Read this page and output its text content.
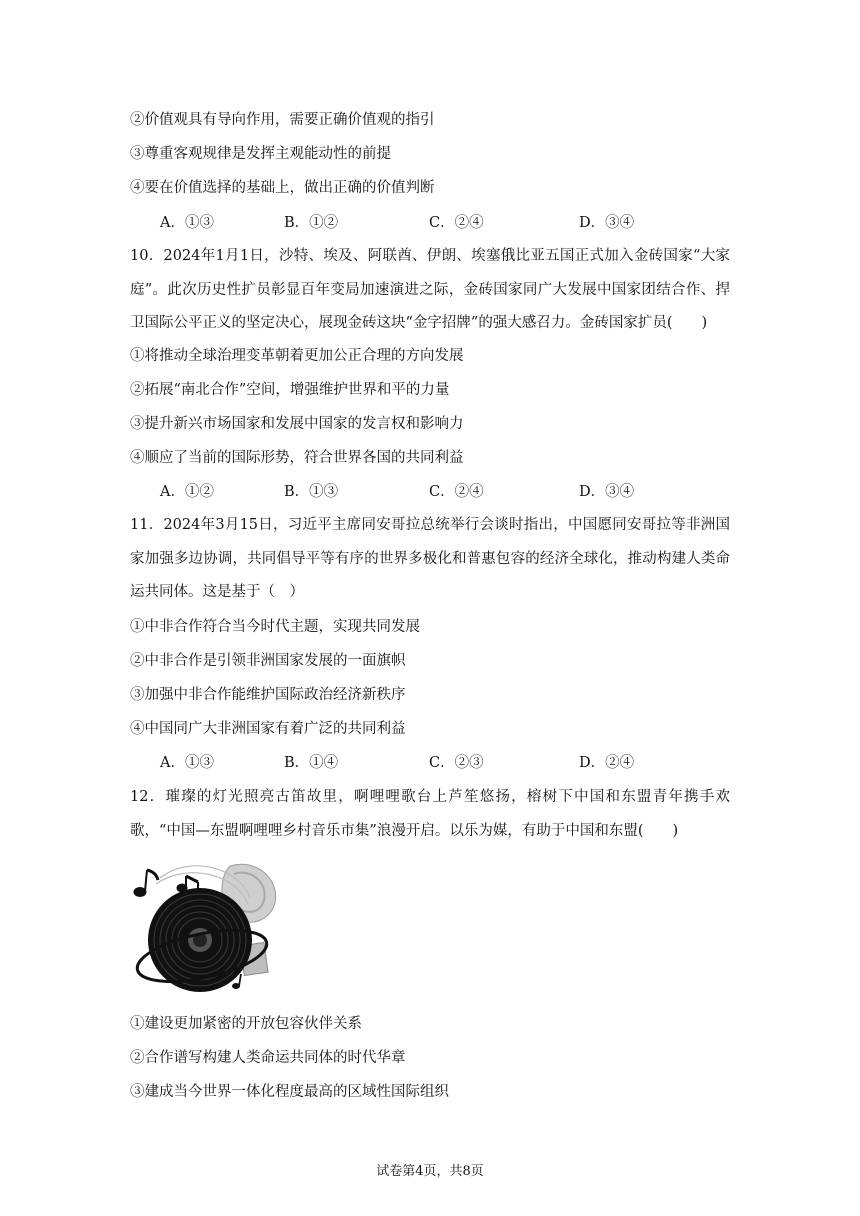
②价值观具有导向作用，需要正确价值观的指引
③尊重客观规律是发挥主观能动性的前提
④要在价值选择的基础上，做出正确的价值判断
A．①③	B．①②	C．②④	D．③④
10．2024年1月1日，沙特、埃及、阿联酋、伊朗、埃塞俄比亚五国正式加入金砖国家“大家庭”。此次历史性扩员彰显百年变局加速演进之际，金砖国家同广大发展中国家团结合作、捍卫国际公平正义的坚定决心，展现金砖这块“金字招牌”的强大感召力。金砖国家扩员(　　)
①将推动全球治理变革朝着更加公正合理的方向发展
②拓展“南北合作”空间，增强维护世界和平的力量
③提升新兴市场国家和发展中国家的发言权和影响力
④顺应了当前的国际形势，符合世界各国的共同利益
A．①②	B．①③	C．②④	D．③④
11．2024年3月15日，习近平主席同安哥拉总统举行会谈时指出，中国愿同安哥拉等非洲国家加强多边协调，共同倡导平等有序的世界多极化和普惠包容的经济全球化，推动构建人类命运共同体。这是基于（　）
①中非合作符合当今时代主题，实现共同发展
②中非合作是引领非洲国家发展的一面旗帜
③加强中非合作能维护国际政治经济新秩序
④中国同广大非洲国家有着广泛的共同利益
A．①③	B．①④	C．②③	D．②④
12．璀璨的灯光照亮古笛故里，啊哩哩歌台上芦笙悠扬，榕树下中国和东盟青年携手欢歌，“中国—东盟啊哩哩乡村音乐市集”浪漫开启。以乐为媒，有助于中国和东盟(　　)
①建设更加紧密的开放包容伙伴关系
②合作谱写构建人类命运共同体的时代华章
③建成当今世界一体化程度最高的区域性国际组织
试卷第4页，共8页
